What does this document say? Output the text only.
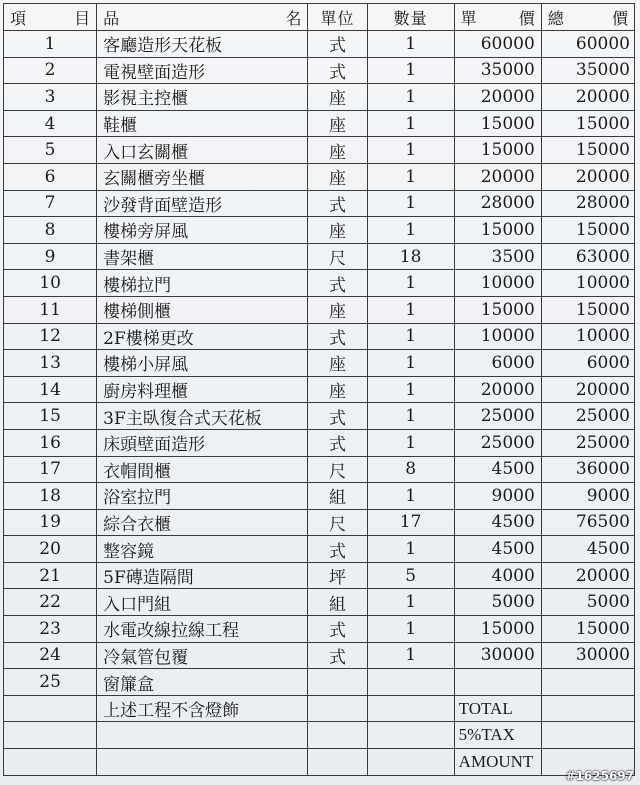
項 目	品 名	單位	數量	單 價	總 價

1	客廳造形天花板	式	1	60000	60000
2	電視壁面造形	式	1	35000	35000
3	影視主控櫃	座	1	20000	20000
4	鞋櫃	座	1	15000	15000
5	入口玄關櫃	座	1	15000	15000
6	玄關櫃旁坐櫃	座	1	20000	20000
7	沙發背面壁造形	式	1	28000	28000
8	樓梯旁屏風	座	1	15000	15000
9	書架櫃	尺	18	3500	63000
10	樓梯拉門	式	1	10000	10000
11	樓梯側櫃	座	1	15000	15000
12	2F樓梯更改	式	1	10000	10000
13	樓梯小屏風	座	1	6000	6000
14	廚房料理櫃	座	1	20000	20000
15	3F主臥復合式天花板	式	1	25000	25000
16	床頭壁面造形	式	1	25000	25000
17	衣帽間櫃	尺	8	4500	36000
18	浴室拉門	組	1	9000	9000
19	綜合衣櫃	尺	17	4500	76500
20	整容鏡	式	1	4500	4500
21	5F磚造隔間	坪	5	4000	20000
22	入口門組	組	1	5000	5000
23	水電改線拉線工程	式	1	15000	15000
24	冷氣管包覆	式	1	30000	30000
25	窗簾盒				
	上述工程不含燈飾			TOTAL	
				5%TAX	
				AMOUNT	
#1625697
